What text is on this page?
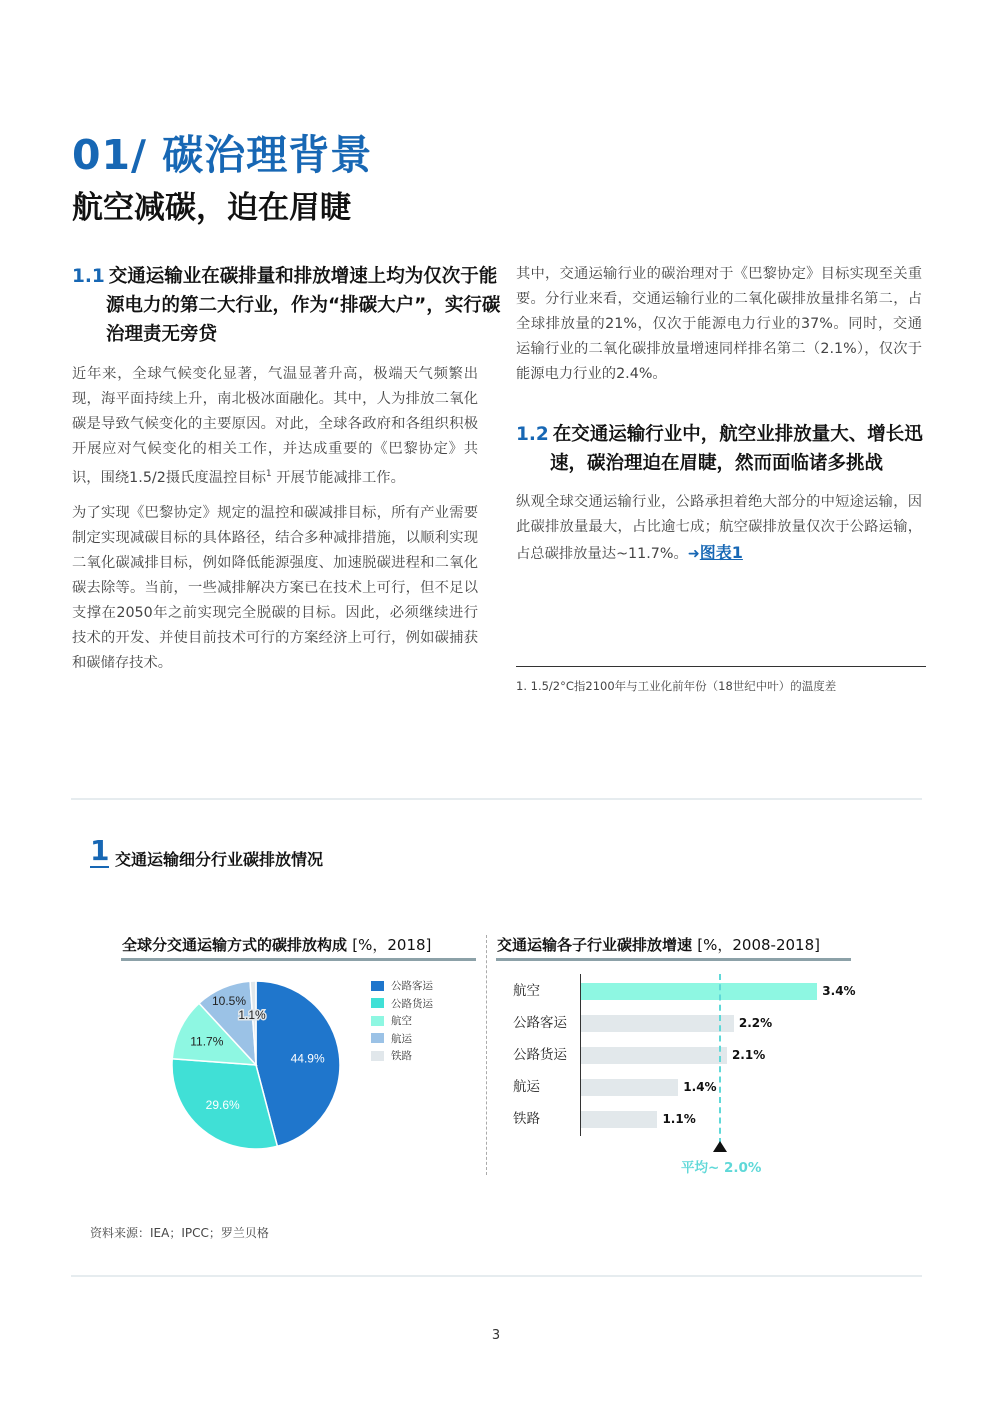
01/ 碳治理背景
航空减碳，迫在眉睫
1.1 交通运输业在碳排量和排放增速上均为仅次于能源电力的第二大行业，作为“排碳大户”，实行碳治理责无旁贷
近年来，全球气候变化显著，气温显著升高，极端天气频繁出现，海平面持续上升，南北极冰面融化。其中，人为排放二氧化碳是导致气候变化的主要原因。对此，全球各政府和各组织积极开展应对气候变化的相关工作，并达成重要的《巴黎协定》共识，围绕1.5/2摄氏度温控目标$^1$ 开展节能减排工作。
为了实现《巴黎协定》规定的温控和碳减排目标，所有产业需要制定实现减碳目标的具体路径，结合多种减排措施，以顺利实现二氧化碳减排目标，例如降低能源强度、加速脱碳进程和二氧化碳去除等。当前，一些减排解决方案已在技术上可行，但不足以支撑在2050年之前实现完全脱碳的目标。因此，必须继续进行技术的开发、并使目前技术可行的方案经济上可行，例如碳捕获和碳储存技术。
其中，交通运输行业的碳治理对于《巴黎协定》目标实现至关重要。分行业来看，交通运输行业的二氧化碳排放量排名第二，占全球排放量的21%，仅次于能源电力行业的37%。同时，交通运输行业的二氧化碳排放量增速同样排名第二（2.1%），仅次于能源电力行业的2.4%。
1.2 在交通运输行业中，航空业排放量大、增长迅速，碳治理迫在眉睫，然而面临诸多挑战
纵观全球交通运输行业，公路承担着绝大部分的中短途运输，因此碳排放量最大，占比逾七成；航空碳排放量仅次于公路运输，占总碳排放量达~11.7%。➜图表1
1. 1.5/2°C指2100年与工业化前年份（18世纪中叶）的温度差
1 交通运输细分行业碳排放情况
全球分交通运输方式的碳排放构成 [%，2018]
44.9%
29.6%
11.7%
10.5%
1.1%
公路客运
公路货运
航空
航运
铁路
交通运输各子行业碳排放增速 [%，2008-2018]
航空	3.4%
公路客运	2.2%
公路货运	2.1%
航运	1.4%
铁路	1.1%
平均~ 2.0%
资料来源：IEA；IPCC；罗兰贝格
3
